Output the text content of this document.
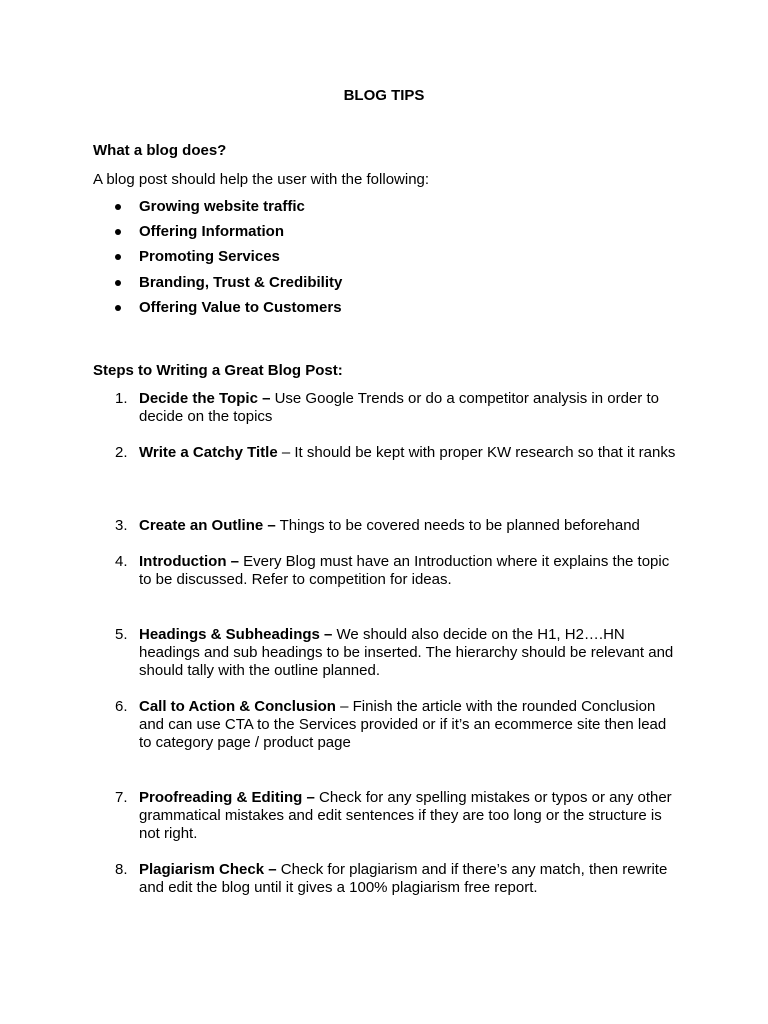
BLOG TIPS
What a blog does?
A blog post should help the user with the following:
Growing website traffic
Offering Information
Promoting Services
Branding, Trust & Credibility
Offering Value to Customers
Steps to Writing a Great Blog Post:
1. Decide the Topic – Use Google Trends or do a competitor analysis in order to decide on the topics
2. Write a Catchy Title – It should be kept with proper KW research so that it ranks
3. Create an Outline – Things to be covered needs to be planned beforehand
4. Introduction – Every Blog must have an Introduction where it explains the topic to be discussed. Refer to competition for ideas.
5. Headings & Subheadings – We should also decide on the H1, H2….HN headings and sub headings to be inserted. The hierarchy should be relevant and should tally with the outline planned.
6. Call to Action & Conclusion – Finish the article with the rounded Conclusion and can use CTA to the Services provided or if it’s an ecommerce site then lead to category page / product page
7. Proofreading & Editing – Check for any spelling mistakes or typos or any other grammatical mistakes and edit sentences if they are too long or the structure is not right.
8. Plagiarism Check – Check for plagiarism and if there’s any match, then rewrite and edit the blog until it gives a 100% plagiarism free report.
